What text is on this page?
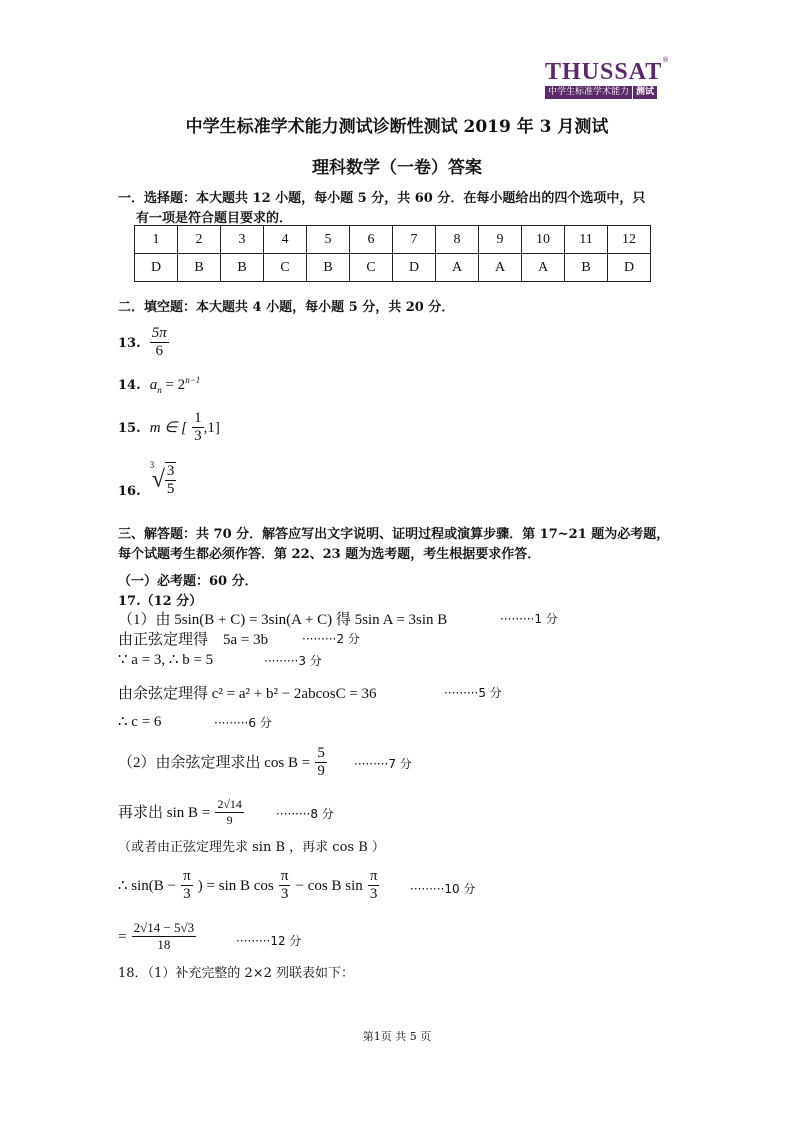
THUSSAT ®
中学生标准学术能力 测试
中学生标准学术能力测试诊断性测试 2019 年 3 月测试
理科数学（一卷）答案
一．选择题：本大题共 12 小题，每小题 5 分，共 60 分．在每小题给出的四个选项中，只
有一项是符合题目要求的．
1	2	3	4	5	6	7	8	9	10	11	12
D	B	B	C	B	C	D	A	A	A	B	D
二．填空题：本大题共 4 小题，每小题 5 分，共 20 分．
13. $\frac{5\pi}{6}$
14. $a_n = 2^{n-1}$
15. m ∈ [ $\frac{1}{3} ,1$]
$_{16.}$
3
√ $\frac{3}{5}$
三、解答题：共 70 分．解答应写出文字说明、证明过程或演算步骤．第 17~21 题为必考题，
每个试题考生都必须作答．第 22、23 题为选考题，考生根据要求作答．
（一）必考题：60 分．
17.（12 分）
（1）由 5sin(B + C) = 3sin(A + C) 得 5sin A = 3sin B	·········1 分
由正弦定理得　5a = 3b	·········2 分
∵ a = 3, ∴ b = 5	·········3 分
由余弦定理得 c² = a² + b² − 2abcosC = 36	·········5 分
∴ c = 6	·········6 分
（2）由余弦定理求出 $\cos B = \frac{5}{9} \cdot\cdot\cdot\cdot\cdot\cdot\cdot\cdot\cdot 7$ 分
再求出 $\sin B = \frac{2√14}{9}$	·········8 分
（或者由正弦定理先求 sin B ，再求 cos B ）
∴ $\sin(B - \frac{\pi}{3}$ ) = sin B $\cos \frac{\pi}{3} - \cos B$ $\sin \frac{\pi}{3}$	·········10 分
= $\frac{2√14 - 5√3}{18}$	·········12 分
18．（1）补充完整的 2×2 列联表如下：
第1页 共 5 页
